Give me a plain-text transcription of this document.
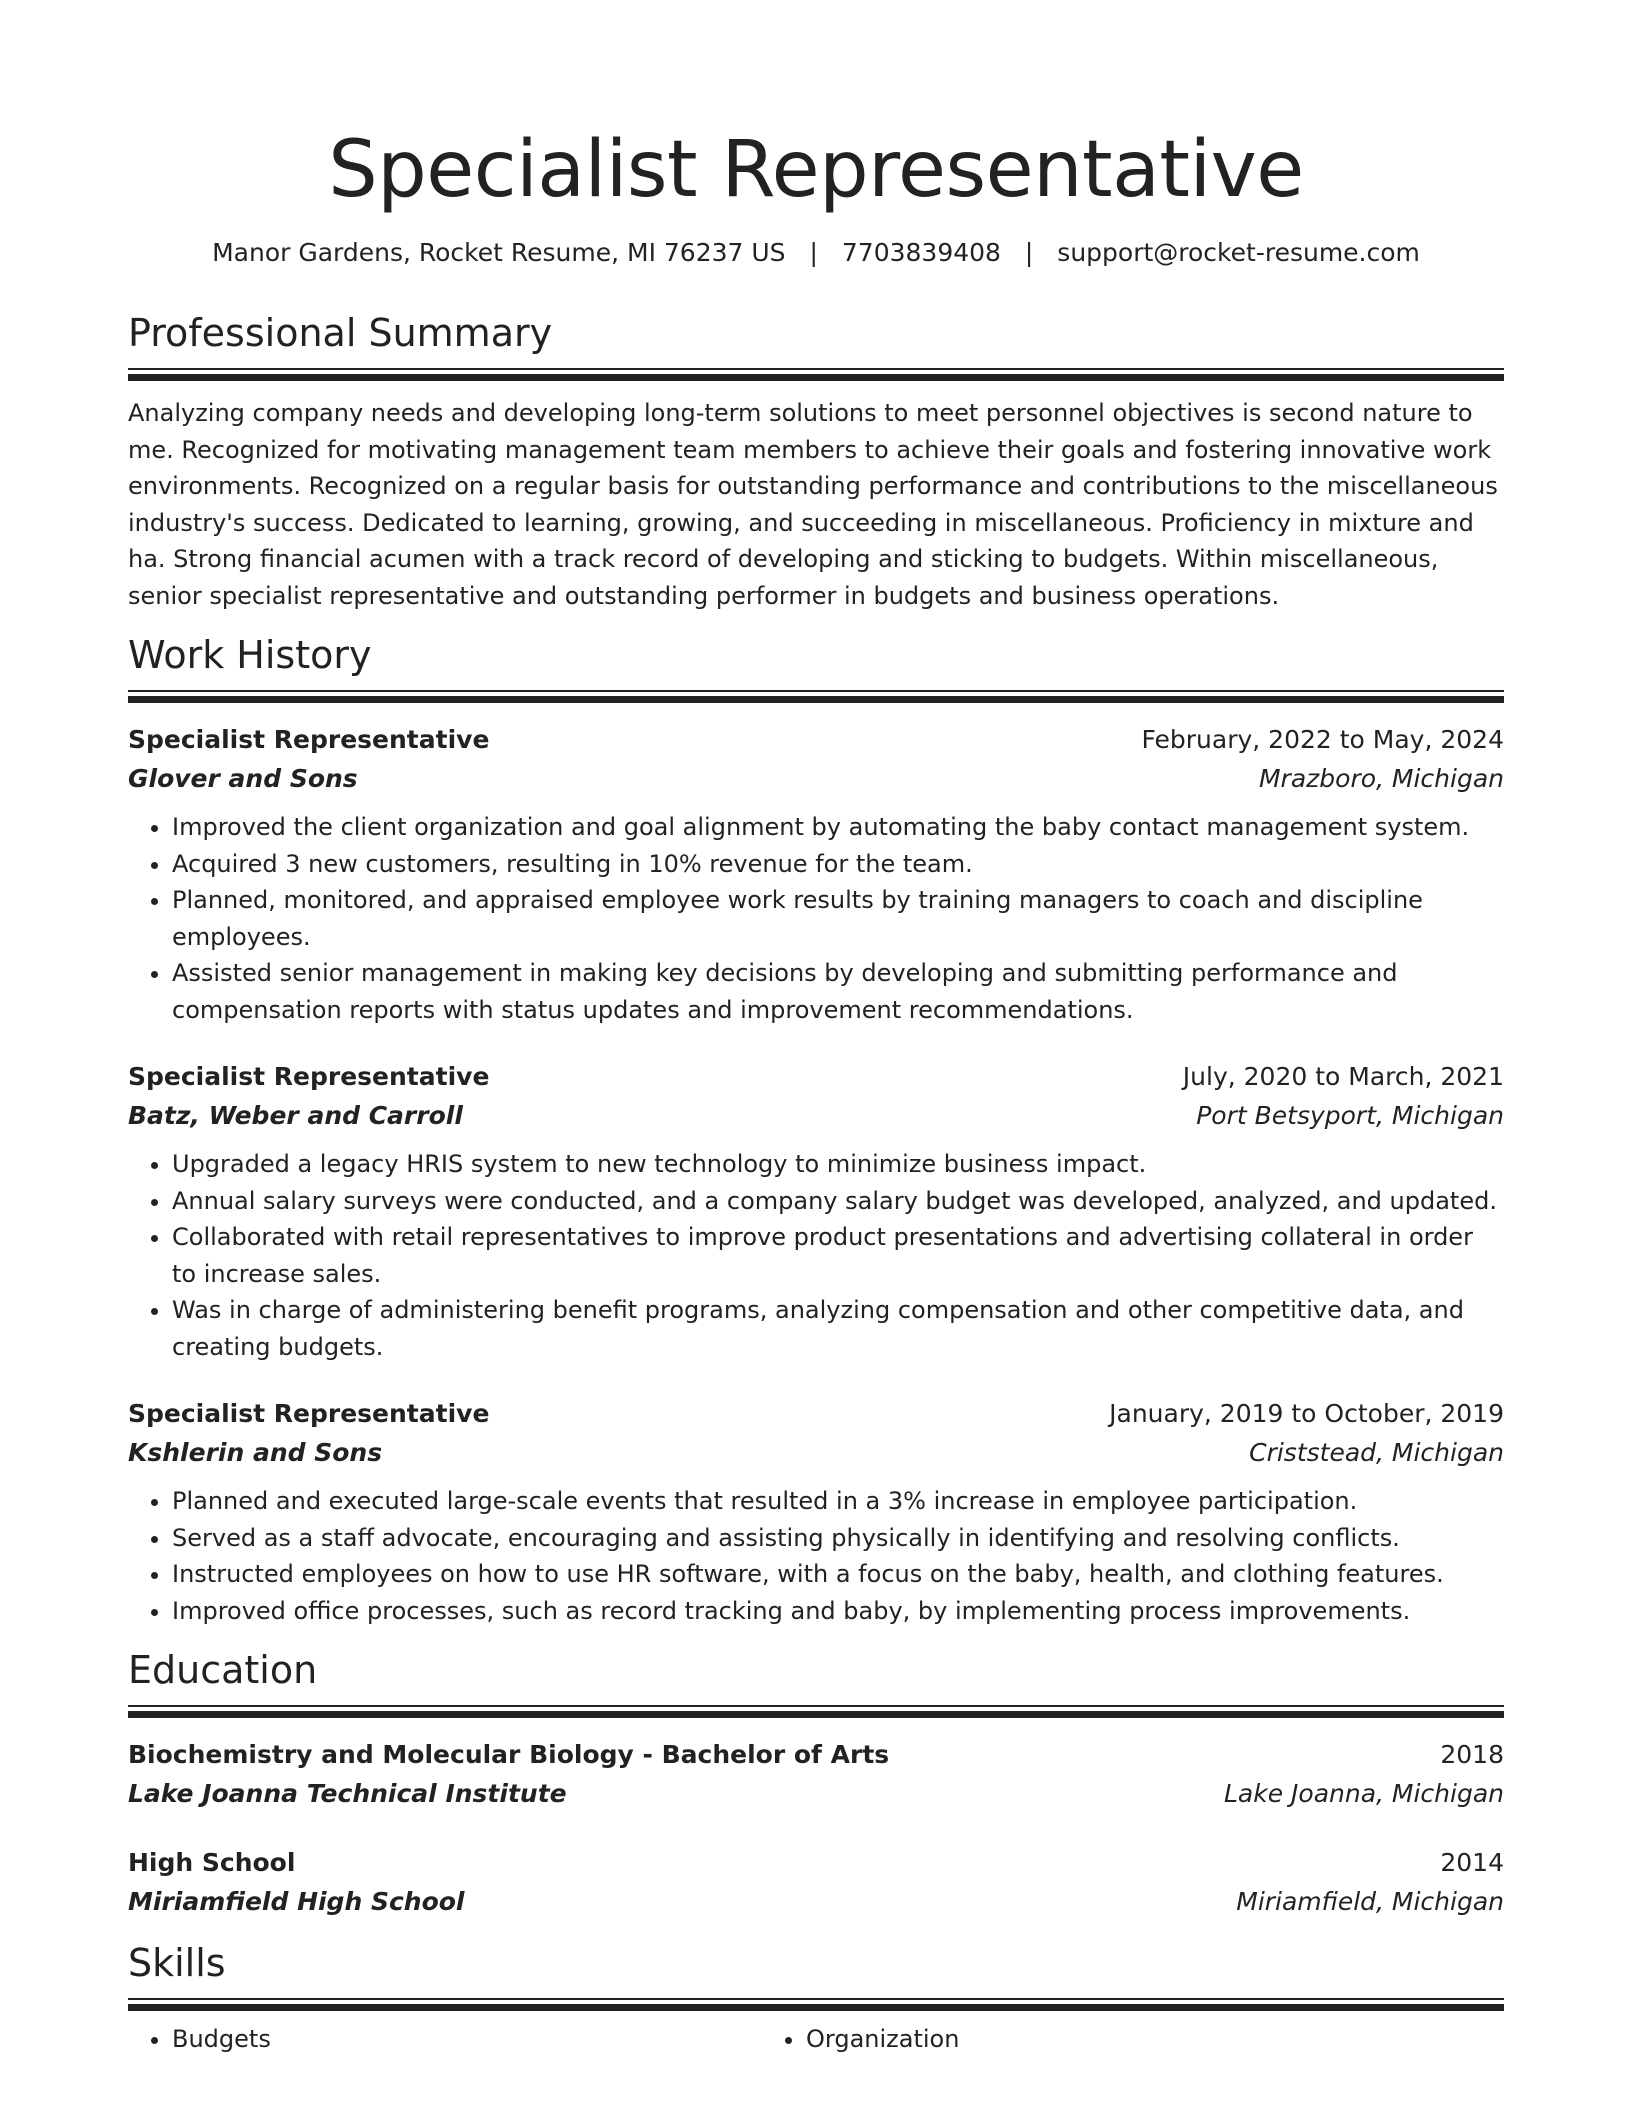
Specialist Representative
Manor Gardens, Rocket Resume, MI 76237 US | 7703839408 | support@rocket-resume.com
Professional Summary
Analyzing company needs and developing long-term solutions to meet personnel objectives is second nature to me. Recognized for motivating management team members to achieve their goals and fostering innovative work environments. Recognized on a regular basis for outstanding performance and contributions to the miscellaneous industry's success. Dedicated to learning, growing, and succeeding in miscellaneous. Proficiency in mixture and ha. Strong financial acumen with a track record of developing and sticking to budgets. Within miscellaneous, senior specialist representative and outstanding performer in budgets and business operations.
Work History
Specialist Representative	February, 2022 to May, 2024
Glover and Sons	Mrazboro, Michigan
• Improved the client organization and goal alignment by automating the baby contact management system.
• Acquired 3 new customers, resulting in 10% revenue for the team.
• Planned, monitored, and appraised employee work results by training managers to coach and discipline employees.
• Assisted senior management in making key decisions by developing and submitting performance and compensation reports with status updates and improvement recommendations.
Specialist Representative	July, 2020 to March, 2021
Batz, Weber and Carroll	Port Betsyport, Michigan
• Upgraded a legacy HRIS system to new technology to minimize business impact.
• Annual salary surveys were conducted, and a company salary budget was developed, analyzed, and updated.
• Collaborated with retail representatives to improve product presentations and advertising collateral in order to increase sales.
• Was in charge of administering benefit programs, analyzing compensation and other competitive data, and creating budgets.
Specialist Representative	January, 2019 to October, 2019
Kshlerin and Sons	Criststead, Michigan
• Planned and executed large-scale events that resulted in a 3% increase in employee participation.
• Served as a staff advocate, encouraging and assisting physically in identifying and resolving conflicts.
• Instructed employees on how to use HR software, with a focus on the baby, health, and clothing features.
• Improved office processes, such as record tracking and baby, by implementing process improvements.
Education
Biochemistry and Molecular Biology - Bachelor of Arts	2018
Lake Joanna Technical Institute	Lake Joanna, Michigan
High School	2014
Miriamfield High School	Miriamfield, Michigan
Skills
• Budgets
•	Organization
